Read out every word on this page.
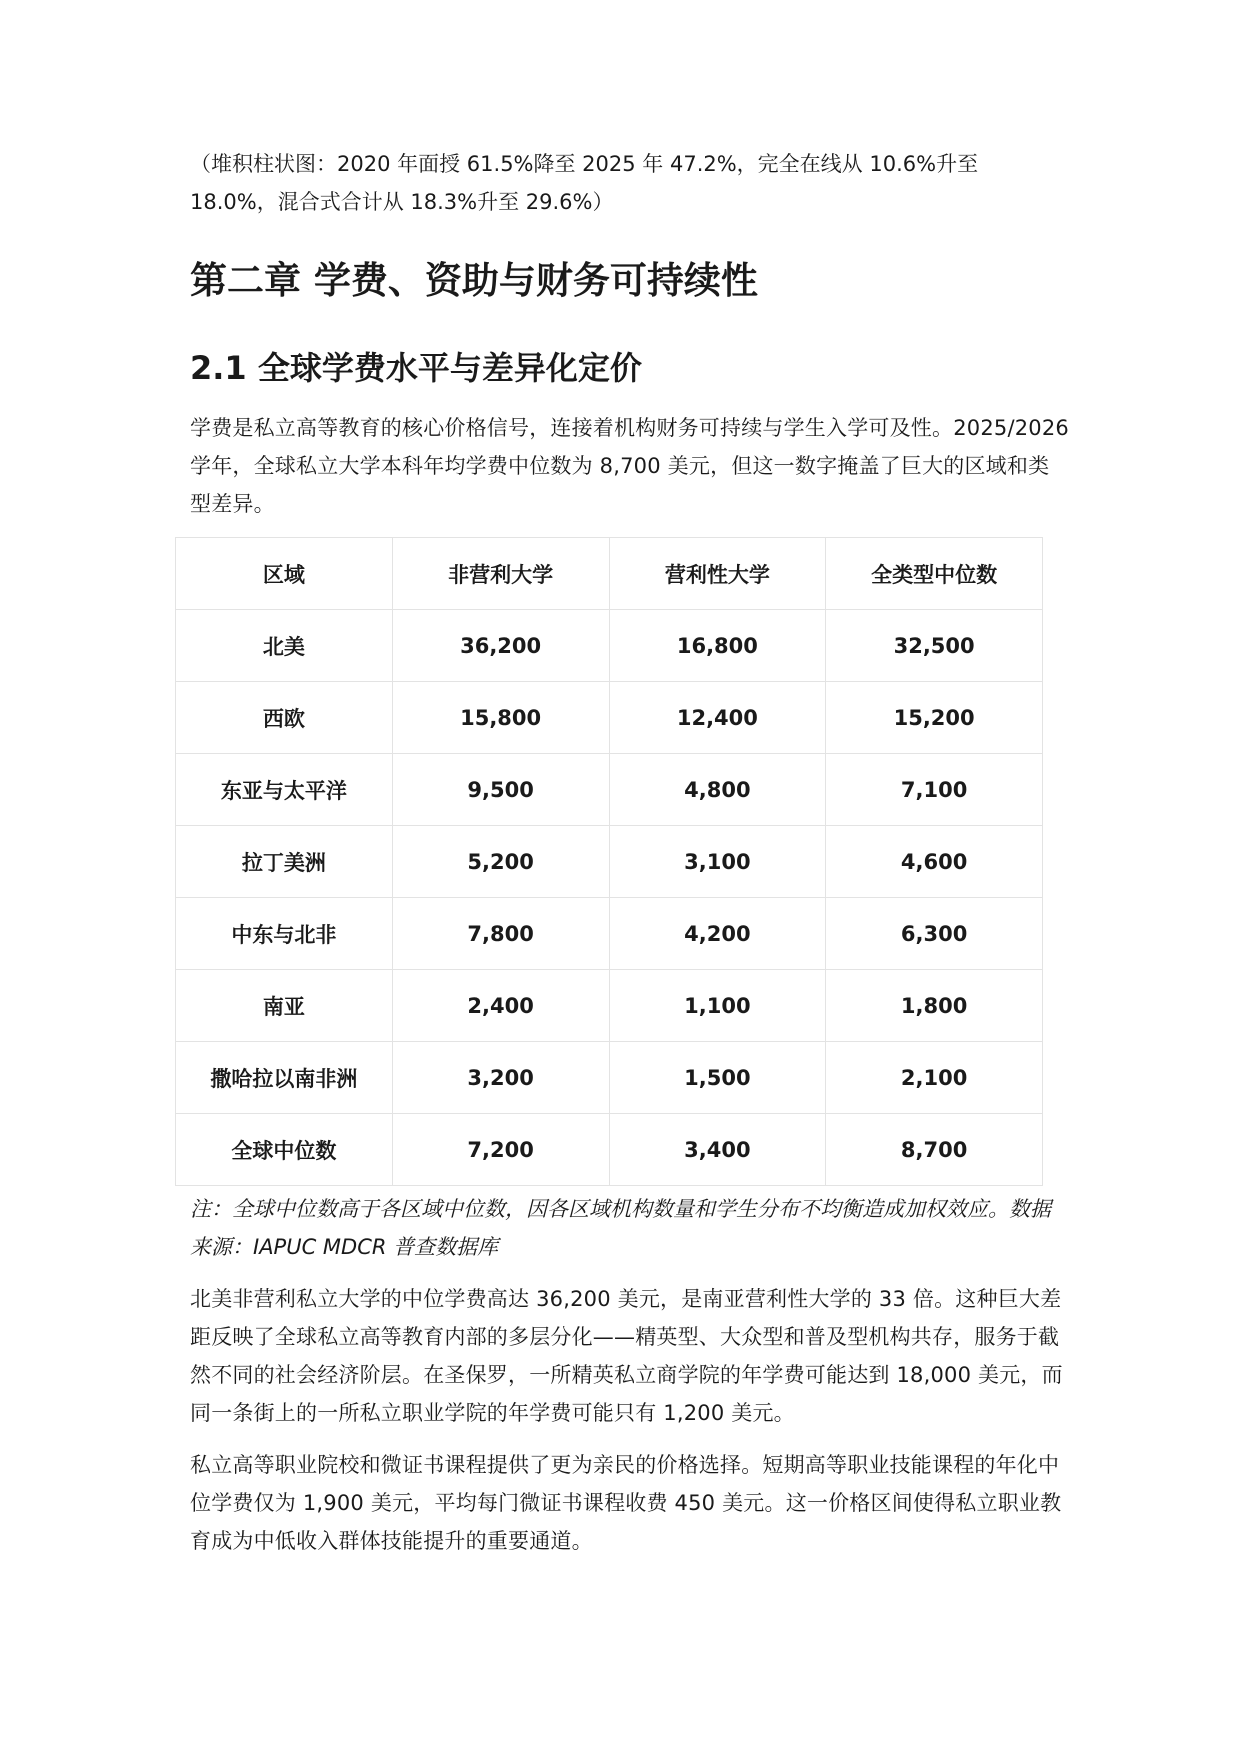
（堆积柱状图：2020 年面授 61.5%降至 2025 年 47.2%，完全在线从 10.6%升至 18.0%，混合式合计从 18.3%升至 29.6%）

第二章 学费、资助与财务可持续性
2.1 全球学费水平与差异化定价

学费是私立高等教育的核心价格信号，连接着机构财务可持续与学生入学可及性。2025/2026 学年，全球私立大学本科年均学费中位数为 8,700 美元，但这一数字掩盖了巨大的区域和类型差异。

区域	非营利大学	营利性大学	全类型中位数
北美	36,200	16,800	32,500
西欧	15,800	12,400	15,200
东亚与太平洋	9,500	4,800	7,100
拉丁美洲	5,200	3,100	4,600
中东与北非	7,800	4,200	6,300
南亚	2,400	1,100	1,800
撒哈拉以南非洲	3,200	1,500	2,100
全球中位数	7,200	3,400	8,700

注：全球中位数高于各区域中位数，因各区域机构数量和学生分布不均衡造成加权效应。数据来源：IAPUC MDCR 普查数据库

北美非营利私立大学的中位学费高达 36,200 美元，是南亚营利性大学的 33 倍。这种巨大差距反映了全球私立高等教育内部的多层分化——精英型、大众型和普及型机构共存，服务于截然不同的社会经济阶层。在圣保罗，一所精英私立商学院的年学费可能达到 18,000 美元，而同一条街上的一所私立职业学院的年学费可能只有 1,200 美元。

私立高等职业院校和微证书课程提供了更为亲民的价格选择。短期高等职业技能课程的年化中位学费仅为 1,900 美元，平均每门微证书课程收费 450 美元。这一价格区间使得私立职业教育成为中低收入群体技能提升的重要通道。
